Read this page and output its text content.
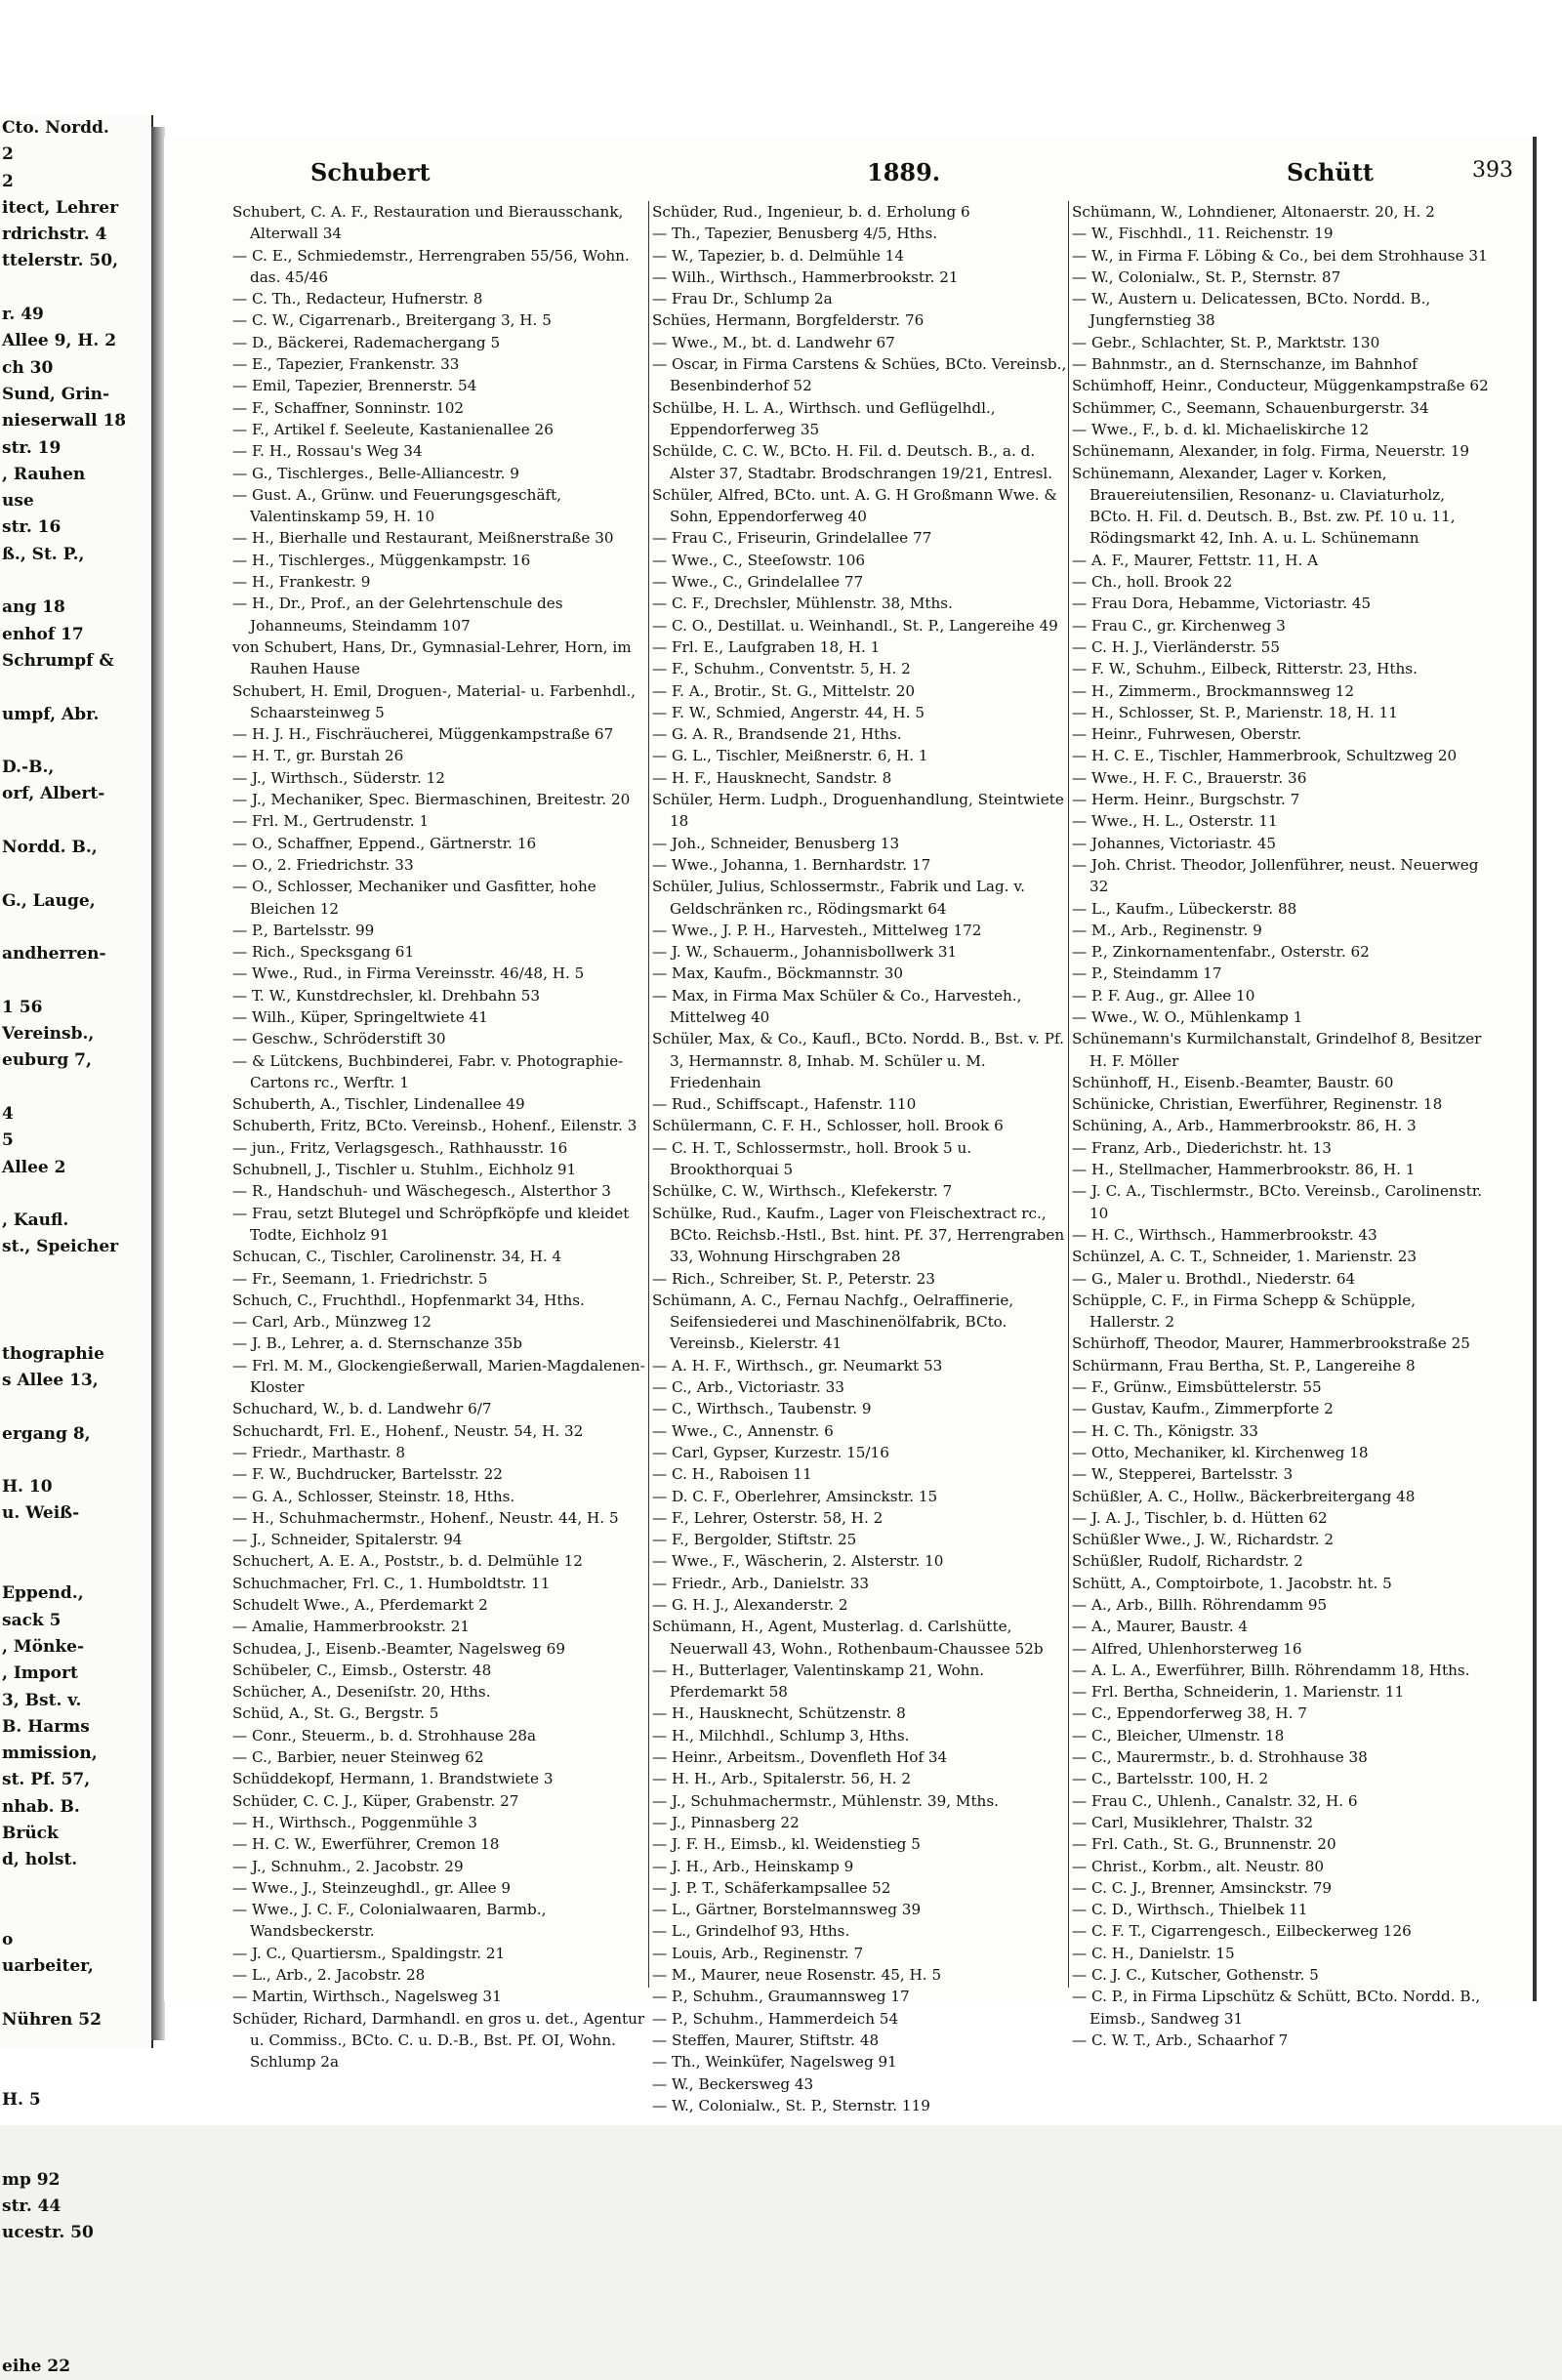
Cto. Nordd.
2
2
itect, Lehrer
rdrichstr. 4
ttelerstr. 50,

r. 49
Allee 9, H. 2
ch 30
Sund, Grin-
nieserwall 18
str. 19
, Rauhen
use
str. 16
ß., St. P.,

ang 18
enhof 17
Schrumpf &

umpf, Abr.

D.-B.,
orf, Albert-

Nordd. B.,

G., Lauge,

andherren-

1 56
Vereinsb.,
euburg 7,

4
5
Allee 2

, Kaufl.
st., Speicher

thographie
s Allee 13,

ergang 8,

H. 10
u. Weiß-

Eppend.,
sack 5
, Mönke-
, Import
3, Bst. v.
B. Harms
mmission,
st. Pf. 57,
nhab. B.
Brück
d, holst.

o
uarbeiter,

Nühren 52

H. 5

mp 92
str. 44
ucestr. 50

eihe 22
Schubert	1889.	Schütt	393

Schubert, C. A. F., Restauration und Bierausschank, Alterwall 34

— C. E., Schmiedemstr., Herrengraben 55/56, Wohn. das. 45/46

— C. Th., Redacteur, Hufnerstr. 8

— C. W., Cigarrenarb., Breitergang 3, H. 5

— D., Bäckerei, Rademachergang 5

— E., Tapezier, Frankenstr. 33

— Emil, Tapezier, Brennerstr. 54

— F., Schaffner, Sonninstr. 102

— F., Artikel f. Seeleute, Kastanienallee 26

— F. H., Rossau's Weg 34

— G., Tischlerges., Belle-Alliancestr. 9

— Gust. A., Grünw. und Feuerungsgeschäft, Valentinskamp 59, H. 10

— H., Bierhalle und Restaurant, Meißnerstraße 30

— H., Tischlerges., Müggenkampstr. 16

— H., Frankestr. 9

— H., Dr., Prof., an der Gelehrtenschule des Johanneums, Steindamm 107

von Schubert, Hans, Dr., Gymnasial-Lehrer, Horn, im Rauhen Hause

Schubert, H. Emil, Droguen-, Material- u. Farbenhdl., Schaarsteinweg 5

— H. J. H., Fischräucherei, Müggenkampstraße 67

— H. T., gr. Burstah 26

— J., Wirthsch., Süderstr. 12

— J., Mechaniker, Spec. Biermaschinen, Breitestr. 20

— Frl. M., Gertrudenstr. 1

— O., Schaffner, Eppend., Gärtnerstr. 16

— O., 2. Friedrichstr. 33

— O., Schlosser, Mechaniker und Gasfitter, hohe Bleichen 12

— P., Bartelsstr. 99

— Rich., Specksgang 61

— Wwe., Rud., in Firma Vereinsstr. 46/48, H. 5

— T. W., Kunstdrechsler, kl. Drehbahn 53

— Wilh., Küper, Springeltwiete 41

— Geschw., Schröderstift 30

— & Lütckens, Buchbinderei, Fabr. v. Photographie-Cartons rc., Werftr. 1

Schuberth, A., Tischler, Lindenallee 49

Schuberth, Fritz, BCto. Vereinsb., Hohenf., Eilenstr. 3

— jun., Fritz, Verlagsgesch., Rathhausstr. 16

Schubnell, J., Tischler u. Stuhlm., Eichholz 91

— R., Handschuh- und Wäschegesch., Alsterthor 3

— Frau, setzt Blutegel und Schröpfköpfe und kleidet Todte, Eichholz 91

Schucan, C., Tischler, Carolinenstr. 34, H. 4

— Fr., Seemann, 1. Friedrichstr. 5

Schuch, C., Fruchthdl., Hopfenmarkt 34, Hths.

— Carl, Arb., Münzweg 12

— J. B., Lehrer, a. d. Sternschanze 35b

— Frl. M. M., Glockengießerwall, Marien-Magdalenen-Kloster

Schuchard, W., b. d. Landwehr 6/7

Schuchardt, Frl. E., Hohenf., Neustr. 54, H. 32

— Friedr., Marthastr. 8

— F. W., Buchdrucker, Bartelsstr. 22

— G. A., Schlosser, Steinstr. 18, Hths.

— H., Schuhmachermstr., Hohenf., Neustr. 44, H. 5

— J., Schneider, Spitalerstr. 94

Schuchert, A. E. A., Poststr., b. d. Delmühle 12

Schuchmacher, Frl. C., 1. Humboldtstr. 11

Schudelt Wwe., A., Pferdemarkt 2

— Amalie, Hammerbrookstr. 21

Schudea, J., Eisenb.-Beamter, Nagelsweg 69

Schübeler, C., Eimsb., Osterstr. 48

Schücher, A., Deseniſstr. 20, Hths.

Schüd, A., St. G., Bergstr. 5

— Conr., Steuerm., b. d. Strohhause 28a

— C., Barbier, neuer Steinweg 62

Schüddekopf, Hermann, 1. Brandstwiete 3

Schüder, C. C. J., Küper, Grabenstr. 27

— H., Wirthsch., Poggenmühle 3

— H. C. W., Ewerführer, Cremon 18

— J., Schnuhm., 2. Jacobstr. 29

— Wwe., J., Steinzeughdl., gr. Allee 9

— Wwe., J. C. F., Colonialwaaren, Barmb., Wandsbeckerstr.

— J. C., Quartiersm., Spaldingstr. 21

— L., Arb., 2. Jacobstr. 28

— Martin, Wirthsch., Nagelsweg 31

Schüder, Richard, Darmhandl. en gros u. det., Agentur u. Commiss., BCto. C. u. D.-B., Bst. Pf. OI, Wohn. Schlump 2a

Schüder, Rud., Ingenieur, b. d. Erholung 6

— Th., Tapezier, Benusberg 4/5, Hths.

— W., Tapezier, b. d. Delmühle 14

— Wilh., Wirthsch., Hammerbrookstr. 21

— Frau Dr., Schlump 2a

Schües, Hermann, Borgfelderstr. 76

— Wwe., M., bt. d. Landwehr 67

— Oscar, in Firma Carstens & Schües, BCto. Vereinsb., Besenbinderhof 52

Schülbe, H. L. A., Wirthsch. und Geflügelhdl., Eppendorferweg 35

Schülde, C. C. W., BCto. H. Fil. d. Deutsch. B., a. d. Alster 37, Stadtabr. Brodschrangen 19/21, Entresl.

Schüler, Alfred, BCto. unt. A. G. H Großmann Wwe. & Sohn, Eppendorferweg 40

— Frau C., Friseurin, Grindelallee 77

— Wwe., C., Steeſowstr. 106

— Wwe., C., Grindelallee 77

— C. F., Drechsler, Mühlenstr. 38, Mths.

— C. O., Destillat. u. Weinhandl., St. P., Langereihe 49

— Frl. E., Laufgraben 18, H. 1

— F., Schuhm., Conventstr. 5, H. 2

— F. A., Brotir., St. G., Mittelstr. 20

— F. W., Schmied, Angerstr. 44, H. 5

— G. A. R., Brandsende 21, Hths.

— G. L., Tischler, Meißnerstr. 6, H. 1

— H. F., Hausknecht, Sandstr. 8

Schüler, Herm. Ludph., Droguenhandlung, Steintwiete 18

— Joh., Schneider, Benusberg 13

— Wwe., Johanna, 1. Bernhardstr. 17

Schüler, Julius, Schlossermstr., Fabrik und Lag. v. Geldschränken rc., Rödingsmarkt 64

— Wwe., J. P. H., Harvesteh., Mittelweg 172

— J. W., Schauerm., Johannisbollwerk 31

— Max, Kaufm., Böckmannstr. 30

— Max, in Firma Max Schüler & Co., Harvesteh., Mittelweg 40

Schüler, Max, & Co., Kaufl., BCto. Nordd. B., Bst. v. Pf. 3, Hermannstr. 8, Inhab. M. Schüler u. M. Friedenhain

— Rud., Schiffscapt., Hafenstr. 110

Schülermann, C. F. H., Schlosser, holl. Brook 6

— C. H. T., Schlossermstr., holl. Brook 5 u. Brookthorquai 5

Schülke, C. W., Wirthsch., Klefekerstr. 7

Schülke, Rud., Kaufm., Lager von Fleischextract rc., BCto. Reichsb.-Hstl., Bst. hint. Pf. 37, Herrengraben 33, Wohnung Hirschgraben 28

— Rich., Schreiber, St. P., Peterstr. 23

Schümann, A. C., Fernau Nachfg., Oelraffinerie, Seifensiederei und Maschinenölfabrik, BCto. Vereinsb., Kielerstr. 41

— A. H. F., Wirthsch., gr. Neumarkt 53

— C., Arb., Victoriastr. 33

— C., Wirthsch., Taubenstr. 9

— Wwe., C., Annenstr. 6

— Carl, Gypser, Kurzestr. 15/16

— C. H., Raboisen 11

— D. C. F., Oberlehrer, Amsinckstr. 15

— F., Lehrer, Osterstr. 58, H. 2

— F., Bergolder, Stiftstr. 25

— Wwe., F., Wäscherin, 2. Alsterstr. 10

— Friedr., Arb., Danielstr. 33

— G. H. J., Alexanderstr. 2

Schümann, H., Agent, Musterlag. d. Carlshütte, Neuerwall 43, Wohn., Rothenbaum-Chaussee 52b

— H., Butterlager, Valentinskamp 21, Wohn. Pferdemarkt 58

— H., Hausknecht, Schützenstr. 8

— H., Milchhdl., Schlump 3, Hths.

— Heinr., Arbeitsm., Dovenfleth Hof 34

— H. H., Arb., Spitalerstr. 56, H. 2

— J., Schuhmachermstr., Mühlenstr. 39, Mths.

— J., Pinnasberg 22

— J. F. H., Eimsb., kl. Weidenstieg 5

— J. H., Arb., Heinskamp 9

— J. P. T., Schäferkampsallee 52

— L., Gärtner, Borstelmannsweg 39

— L., Grindelhof 93, Hths.

— Louis, Arb., Reginenstr. 7

— M., Maurer, neue Rosenstr. 45, H. 5

— P., Schuhm., Graumannsweg 17

— P., Schuhm., Hammerdeich 54

— Steffen, Maurer, Stiftstr. 48

— Th., Weinküfer, Nagelsweg 91

— W., Beckersweg 43

— W., Colonialw., St. P., Sternstr. 119

Schümann, W., Lohndiener, Altonaerstr. 20, H. 2

— W., Fischhdl., 11. Reichenstr. 19

— W., in Firma F. Löbing & Co., bei dem Strohhause 31

— W., Colonialw., St. P., Sternstr. 87

— W., Austern u. Delicatessen, BCto. Nordd. B., Jungfernstieg 38

— Gebr., Schlachter, St. P., Marktstr. 130

— Bahnmstr., an d. Sternschanze, im Bahnhof

Schümhoff, Heinr., Conducteur, Müggenkampstraße 62

Schümmer, C., Seemann, Schauenburgerstr. 34

— Wwe., F., b. d. kl. Michaeliskirche 12

Schünemann, Alexander, in folg. Firma, Neuerstr. 19

Schünemann, Alexander, Lager v. Korken, Brauereiutensilien, Resonanz- u. Claviaturholz, BCto. H. Fil. d. Deutsch. B., Bst. zw. Pf. 10 u. 11, Rödingsmarkt 42, Inh. A. u. L. Schünemann

— A. F., Maurer, Fettstr. 11, H. A

— Ch., holl. Brook 22

— Frau Dora, Hebamme, Victoriastr. 45

— Frau C., gr. Kirchenweg 3

— C. H. J., Vierländerstr. 55

— F. W., Schuhm., Eilbeck, Ritterstr. 23, Hths.

— H., Zimmerm., Brockmannsweg 12

— H., Schlosser, St. P., Marienstr. 18, H. 11

— Heinr., Fuhrwesen, Oberstr.

— H. C. E., Tischler, Hammerbrook, Schultzweg 20

— Wwe., H. F. C., Brauerstr. 36

— Herm. Heinr., Burgschstr. 7

— Wwe., H. L., Osterstr. 11

— Johannes, Victoriastr. 45

— Joh. Christ. Theodor, Jollenführer, neust. Neuerweg 32

— L., Kaufm., Lübeckerstr. 88

— M., Arb., Reginenstr. 9

— P., Zinkornamentenfabr., Osterstr. 62

— P., Steindamm 17

— P. F. Aug., gr. Allee 10

— Wwe., W. O., Mühlenkamp 1

Schünemann's Kurmilchanstalt, Grindelhof 8, Besitzer H. F. Möller

Schünhoff, H., Eisenb.-Beamter, Baustr. 60

Schünicke, Christian, Ewerführer, Reginenstr. 18

Schüning, A., Arb., Hammerbrookstr. 86, H. 3

— Franz, Arb., Diederichstr. ht. 13

— H., Stellmacher, Hammerbrookstr. 86, H. 1

— J. C. A., Tischlermstr., BCto. Vereinsb., Carolinenstr. 10

— H. C., Wirthsch., Hammerbrookstr. 43

Schünzel, A. C. T., Schneider, 1. Marienstr. 23

— G., Maler u. Brothdl., Niederstr. 64

Schüpple, C. F., in Firma Schepp & Schüpple, Hallerstr. 2

Schürhoff, Theodor, Maurer, Hammerbrookstraße 25

Schürmann, Frau Bertha, St. P., Langereihe 8

— F., Grünw., Eimsbüttelerstr. 55

— Gustav, Kaufm., Zimmerpforte 2

— H. C. Th., Königstr. 33

— Otto, Mechaniker, kl. Kirchenweg 18

— W., Stepperei, Bartelsstr. 3

Schüßler, A. C., Hollw., Bäckerbreitergang 48

— J. A. J., Tischler, b. d. Hütten 62

Schüßler Wwe., J. W., Richardstr. 2

Schüßler, Rudolf, Richardstr. 2

Schütt, A., Comptoirbote, 1. Jacobstr. ht. 5

— A., Arb., Billh. Röhrendamm 95

— A., Maurer, Baustr. 4

— Alfred, Uhlenhorsterweg 16

— A. L. A., Ewerführer, Billh. Röhrendamm 18, Hths.

— Frl. Bertha, Schneiderin, 1. Marienstr. 11

— C., Eppendorferweg 38, H. 7

— C., Bleicher, Ulmenstr. 18

— C., Maurermstr., b. d. Strohhause 38

— C., Bartelsstr. 100, H. 2

— Frau C., Uhlenh., Canalstr. 32, H. 6

— Carl, Musiklehrer, Thalstr. 32

— Frl. Cath., St. G., Brunnenstr. 20

— Christ., Korbm., alt. Neustr. 80

— C. C. J., Brenner, Amsinckstr. 79

— C. D., Wirthsch., Thielbek 11

— C. F. T., Cigarrengesch., Eilbeckerweg 126

— C. H., Danielstr. 15

— C. J. C., Kutscher, Gothenstr. 5

— C. P., in Firma Lipschütz & Schütt, BCto. Nordd. B., Eimsb., Sandweg 31

— C. W. T., Arb., Schaarhof 7
